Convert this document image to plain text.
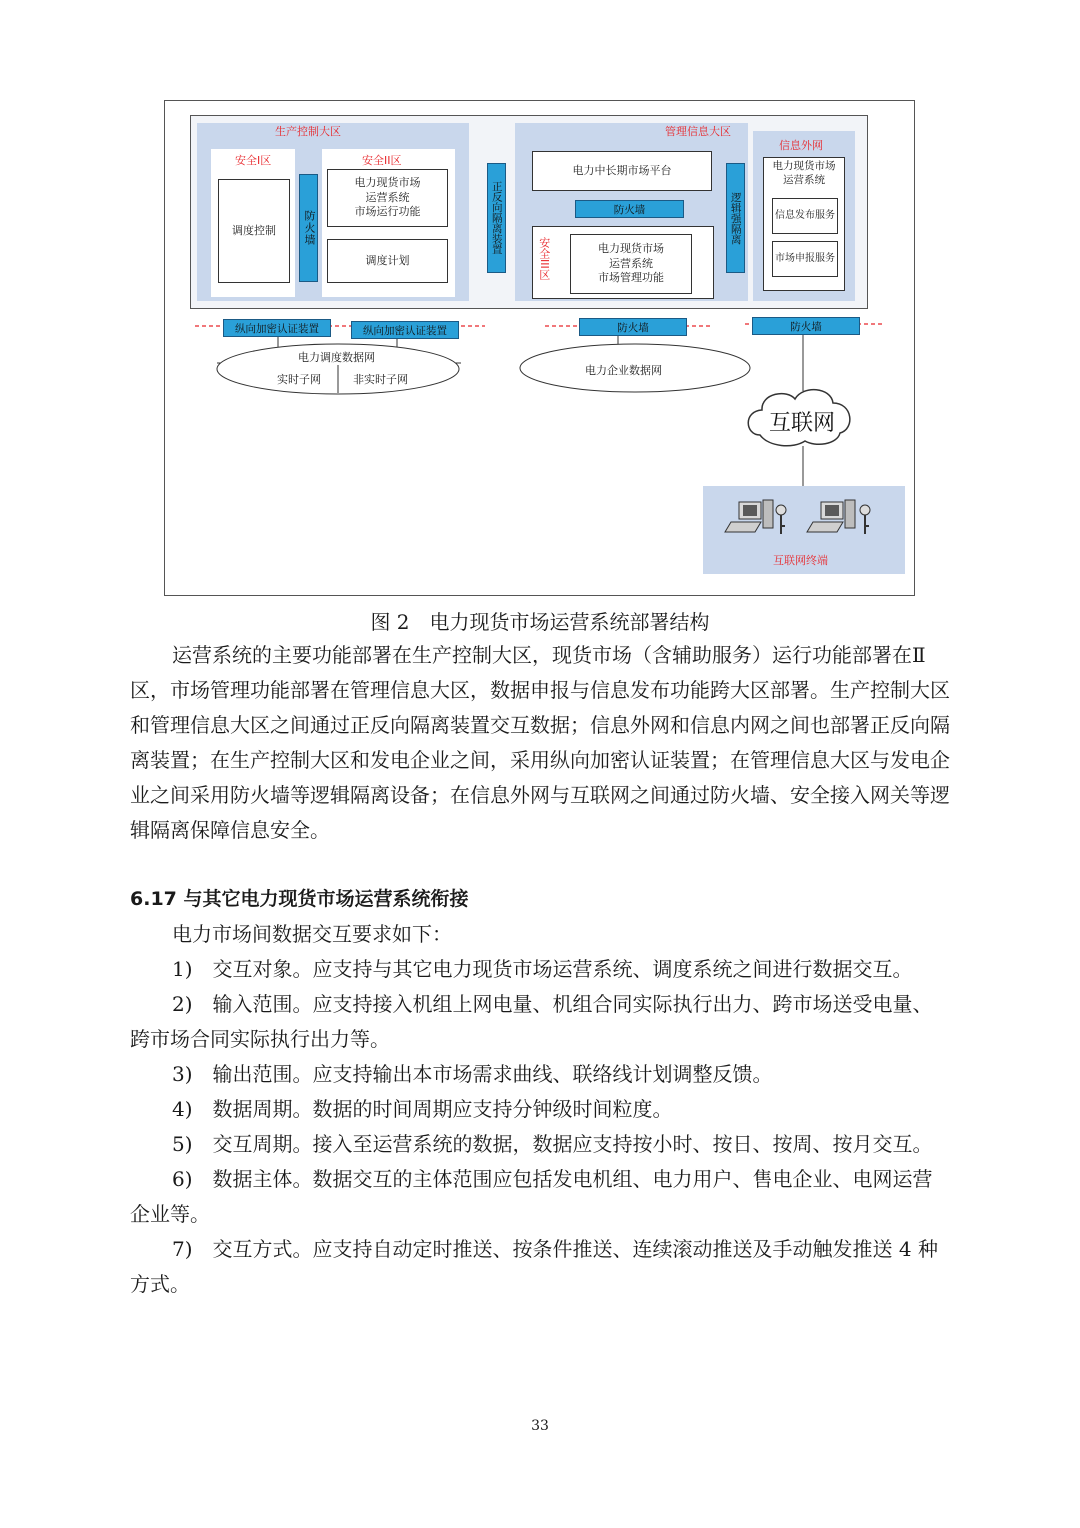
生产控制大区
安全I区
调度控制 防火墙
安全II区
电力现货市场
运营系统
市场运行功能
调度计划
正反向隔离装置
管理信息大区
电力中长期市场平台
防火墙
安全III区	电力现货市场
运营系统
市场管理功能
逻辑强隔离
信息外网
电力现货市场
运营系统
信息发布服务
市场申报服务
纵向加密认证装置	纵向加密认证装置	防火墙	防火墙
电力调度数据网
实时子网	非实时子网
电力企业数据网
互联网
互联网终端
图 2　电力现货市场运营系统部署结构

运营系统的主要功能部署在生产控制大区，现货市场（含辅助服务）运行功能部署在Ⅱ区，市场管理功能部署在管理信息大区，数据申报与信息发布功能跨大区部署。生产控制大区和管理信息大区之间通过正反向隔离装置交互数据；信息外网和信息内网之间也部署正反向隔离装置；在生产控制大区和发电企业之间，采用纵向加密认证装置；在管理信息大区与发电企业之间采用防火墙等逻辑隔离设备；在信息外网与互联网之间通过防火墙、安全接入网关等逻辑隔离保障信息安全。

6.17 与其它电力现货市场运营系统衔接

电力市场间数据交互要求如下：

1)　交互对象。应支持与其它电力现货市场运营系统、调度系统之间进行数据交互。

2)　输入范围。应支持接入机组上网电量、机组合同实际执行出力、跨市场送受电量、跨市场合同实际执行出力等。

3)　输出范围。应支持输出本市场需求曲线、联络线计划调整反馈。

4)　数据周期。数据的时间周期应支持分钟级时间粒度。

5)　交互周期。接入至运营系统的数据，数据应支持按小时、按日、按周、按月交互。

6)　数据主体。数据交互的主体范围应包括发电机组、电力用户、售电企业、电网运营企业等。

7)　交互方式。应支持自动定时推送、按条件推送、连续滚动推送及手动触发推送 4 种方式。

33
